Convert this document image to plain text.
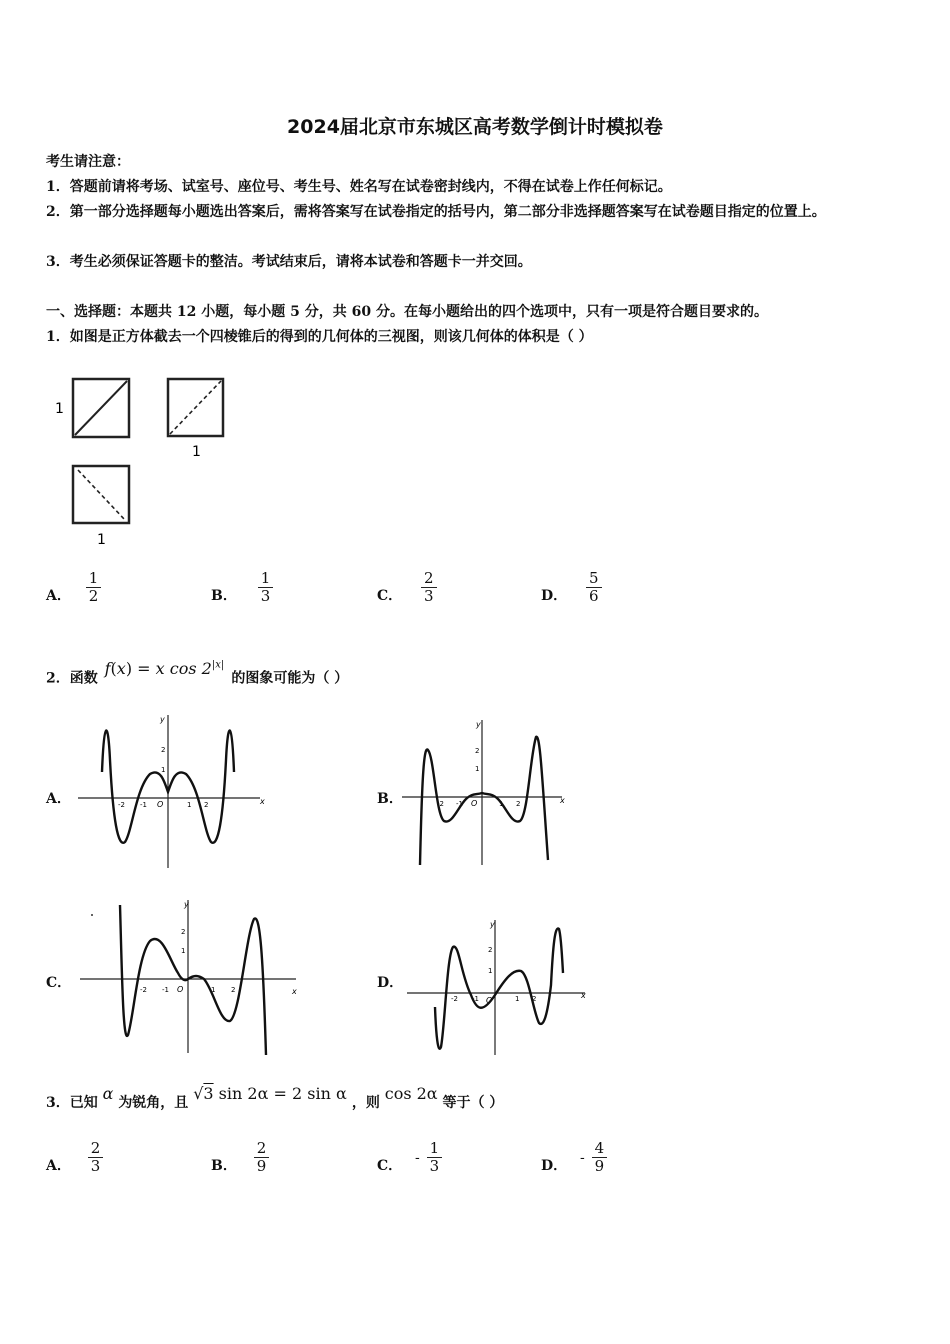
2024届北京市东城区高考数学倒计时模拟卷
考生请注意：
1．答题前请将考场、试室号、座位号、考生号、姓名写在试卷密封线内，不得在试卷上作任何标记。
2．第一部分选择题每小题选出答案后，需将答案写在试卷指定的括号内，第二部分非选择题答案写在试卷题目指定的位置上。
3．考生必须保证答题卡的整洁。考试结束后，请将本试卷和答题卡一并交回。
一、选择题：本题共 12 小题，每小题 5 分，共 60 分。在每小题给出的四个选项中，只有一项是符合题目要求的。
1．如图是正方体截去一个四棱锥后的得到的几何体的三视图，则该几何体的体积是（ ）
1
1
1
A． $\frac{1}{2}$	B． $\frac{1}{3}$	C． $\frac{2}{3}$	D． $\frac{5}{6}$
2．函数 f(x) = x $\cos 2^{|x|}$ 的图象可能为（ ）
A．	B．
C．	D．
x
y
O
-2 -1	1 2
1
2
x
y
O
-2 -1	1 2
1
2
x
y
O
-2 -1	1 2
1
2
x
y
O
-2 -1	1 2
1
2
3．已知 α 为锐角，且 √3 sin 2α = 2 sin α ，则 cos 2α 等于（ ）
A． $\frac{2}{3}$	B． $\frac{2}{9}$	C． - $\frac{1}{3}$	D． - $\frac{4}{9}$
